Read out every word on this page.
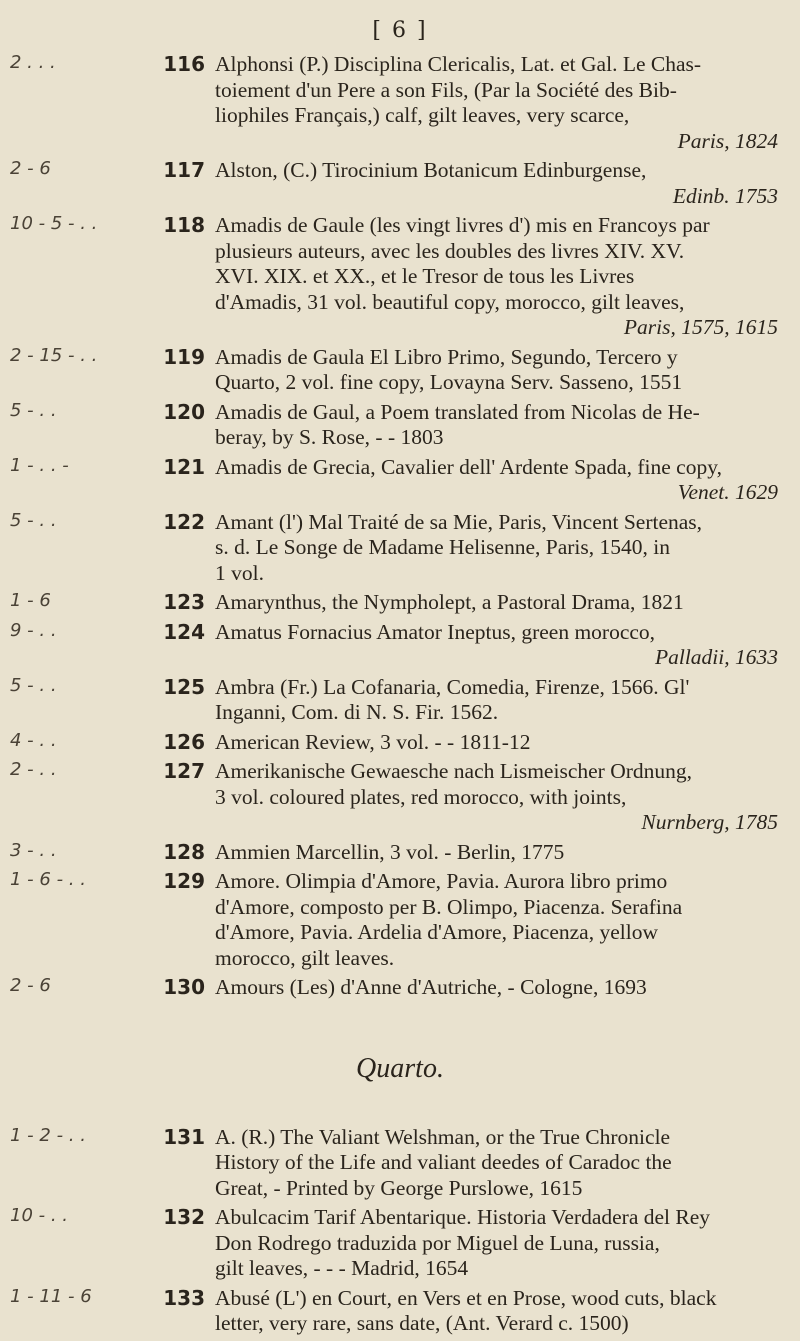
[ 6 ]
2 . . .	116 Alphonsi (P.) Disciplina Clericalis, Lat. et Gal. Le Chas-

toiement d'un Pere a son Fils, (Par la Société des Bib-

liophiles Français,) calf, gilt leaves, very scarce,

Paris, 1824
2 - 6	117 Alston, (C.) Tirocinium Botanicum Edinburgense,

Edinb. 1753
10 - 5 - . .	118 Amadis de Gaule (les vingt livres d') mis en Francoys par

plusieurs auteurs, avec les doubles des livres XIV. XV.

XVI. XIX. et XX., et le Tresor de tous les Livres

d'Amadis, 31 vol. beautiful copy, morocco, gilt leaves,

Paris, 1575, 1615
2 - 15 - . .	119 Amadis de Gaula El Libro Primo, Segundo, Tercero y

Quarto, 2 vol. fine copy, Lovayna Serv. Sasseno, 1551

5 - . .	120 Amadis de Gaul, a Poem translated from Nicolas de He-

beray, by S. Rose, - - 1803

1 - . . -	121 Amadis de Grecia, Cavalier dell' Ardente Spada, fine copy,

Venet. 1629
5 - . .	122 Amant (l') Mal Traité de sa Mie, Paris, Vincent Sertenas,

s. d. Le Songe de Madame Helisenne, Paris, 1540, in

1 vol.

1 - 6	123 Amarynthus, the Nympholept, a Pastoral Drama, 1821

9 - . .	124 Amatus Fornacius Amator Ineptus, green morocco,

Palladii, 1633
5 - . .	125 Ambra (Fr.) La Cofanaria, Comedia, Firenze, 1566. Gl'

Inganni, Com. di N. S. Fir. 1562.

4 - . .	126 American Review, 3 vol. - - 1811-12

2 - . .	127 Amerikanische Gewaesche nach Lismeischer Ordnung,

3 vol. coloured plates, red morocco, with joints,

Nurnberg, 1785
3 - . .	128 Ammien Marcellin, 3 vol. - Berlin, 1775

1 - 6 - . .	129 Amore. Olimpia d'Amore, Pavia. Aurora libro primo

d'Amore, composto per B. Olimpo, Piacenza. Serafina

d'Amore, Pavia. Ardelia d'Amore, Piacenza, yellow

morocco, gilt leaves.

2 - 6	130 Amours (Les) d'Anne d'Autriche, - Cologne, 1693

Quarto.
1 - 2 - . .	131 A. (R.) The Valiant Welshman, or the True Chronicle

History of the Life and valiant deedes of Caradoc the

Great, - Printed by George Purslowe, 1615

10 - . .	132 Abulcacim Tarif Abentarique. Historia Verdadera del Rey

Don Rodrego traduzida por Miguel de Luna, russia,

gilt leaves, - - - Madrid, 1654

1 - 11 - 6	133 Abusé (L') en Court, en Vers et en Prose, wood cuts, black

letter, very rare, sans date, (Ant. Verard c. 1500)
